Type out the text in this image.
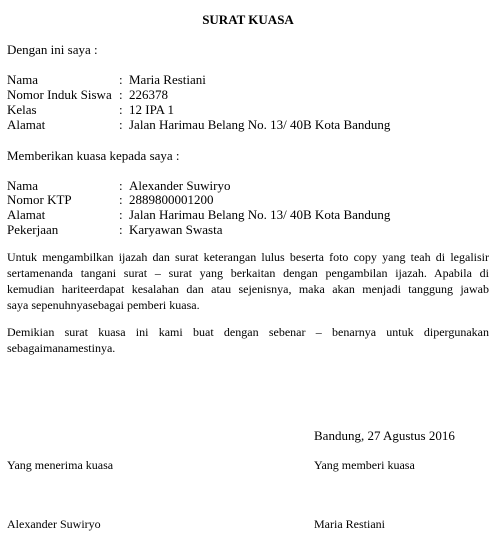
SURAT KUASA
Dengan ini saya :
Nama	: Maria Restiani
Nomor Induk Siswa : 226378
Kelas	: 12 IPA 1
Alamat	: Jalan Harimau Belang No. 13/ 40B Kota Bandung
Memberikan kuasa kepada saya :
Nama	: Alexander Suwiryo
Nomor KTP	: 2889800001200
Alamat	: Jalan Harimau Belang No. 13/ 40B Kota Bandung
Pekerjaan	: Karyawan Swasta
Untuk mengambilkan ijazah dan surat keterangan lulus beserta foto copy yang teah di legalisir
sertamenanda tangani surat – surat yang berkaitan dengan pengambilan ijazah. Apabila di
kemudian hariteerdapat kesalahan dan atau sejenisnya, maka akan menjadi tanggung jawab
saya sepenuhnyasebagai pemberi kuasa.
Demikian surat kuasa ini kami buat dengan sebenar – benarnya untuk dipergunakan
sebagaimanamestinya.
Bandung, 27 Agustus 2016
Yang menerima kuasa	Yang memberi kuasa
Alexander Suwiryo	Maria Restiani
